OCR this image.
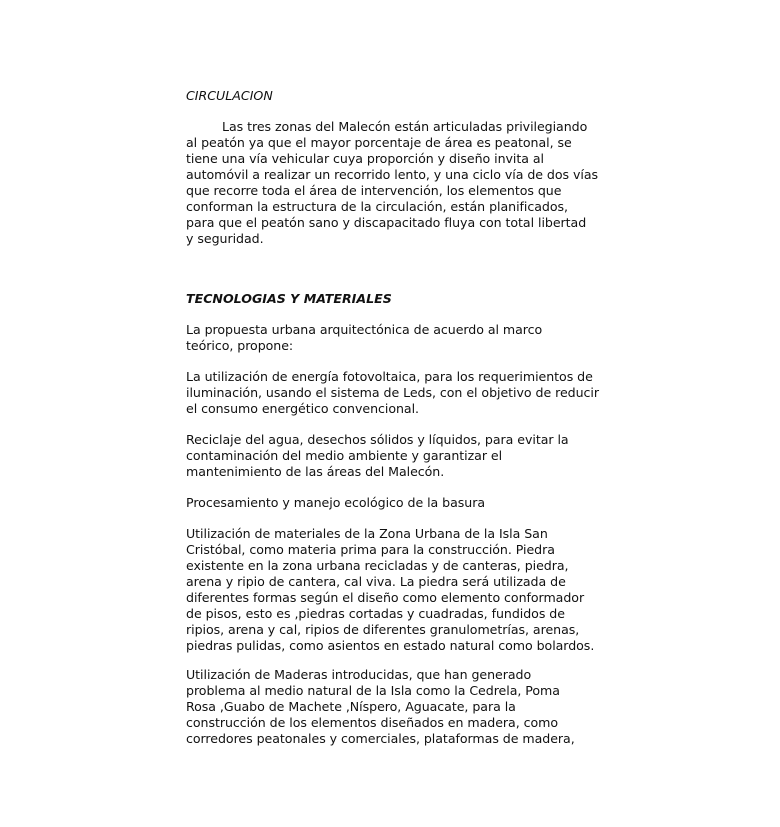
CIRCULACION

Las tres zonas del Malecón están articuladas privilegiando
al peatón ya que el mayor porcentaje de área es peatonal, se
tiene una vía vehicular cuya proporción y diseño invita al
automóvil a realizar un recorrido lento, y una ciclo vía de dos vías
que recorre toda el área de intervención, los elementos que
conforman la estructura de la circulación, están planificados,
para que el peatón sano y discapacitado fluya con total libertad
y seguridad.

TECNOLOGIAS Y MATERIALES

La propuesta urbana arquitectónica de acuerdo al marco
teórico, propone:

La utilización de energía fotovoltaica, para los requerimientos de
iluminación, usando el sistema de Leds, con el objetivo de reducir
el consumo energético convencional.

Reciclaje del agua, desechos sólidos y líquidos, para evitar la
contaminación del medio ambiente y garantizar el
mantenimiento de las áreas del Malecón.

Procesamiento y manejo ecológico de la basura

Utilización de materiales de la Zona Urbana de la Isla San
Cristóbal, como materia prima para la construcción. Piedra
existente en la zona urbana recicladas y de canteras, piedra,
arena y ripio de cantera, cal viva. La piedra será utilizada de
diferentes formas según el diseño como elemento conformador
de pisos, esto es ,piedras cortadas y cuadradas, fundidos de
ripios, arena y cal, ripios de diferentes granulometrías, arenas,
piedras pulidas, como asientos en estado natural como bolardos.

Utilización de Maderas introducidas, que han generado
problema al medio natural de la Isla como la Cedrela, Poma
Rosa ,Guabo de Machete ,Níspero, Aguacate, para la
construcción de los elementos diseñados en madera, como
corredores peatonales y comerciales, plataformas de madera,
